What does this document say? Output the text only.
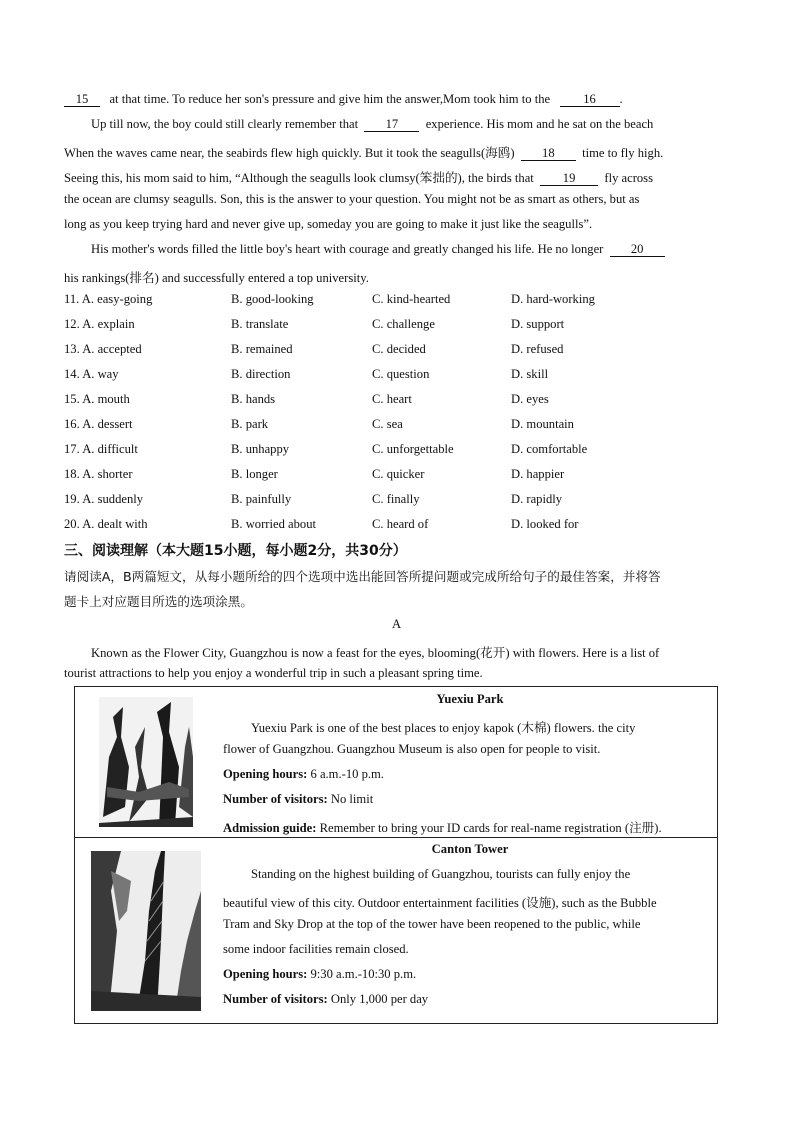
15 at that time. To reduce her son's pressure and give him the answer,Mom took him to the	16 .
Up till now, the boy could still clearly remember that 17 experience. His mom and he sat on the beach
When the waves came near, the seabirds flew high quickly. But it took the seagulls(海鸥) 18 time to fly high.
Seeing this, his mom said to him, “Although the seagulls look clumsy(笨拙的), the birds that 19 fly across
the ocean are clumsy seagulls. Son, this is the answer to your question. You might not be as smart as others, but as
long as you keep trying hard and never give up, someday you are going to make it just like the seagulls”.
His mother's words filled the little boy's heart with courage and greatly changed his life. He no longer 20
his rankings(排名) and successfully entered a top university.
11. A. easy-going	B. good-looking	C. kind-hearted	D. hard-working
12. A. explain	B. translate	C. challenge	D. support
13. A. accepted	B. remained	C. decided	D. refused
14. A. way	B. direction	C. question	D. skill
15. A. mouth	B. hands	C. heart	D. eyes
16. A. dessert	B. park	C. sea	D. mountain
17. A. difficult	B. unhappy	C. unforgettable	D. comfortable
18. A. shorter	B. longer	C. quicker	D. happier
19. A. suddenly	B. painfully	C. finally	D. rapidly
20. A. dealt with	B. worried about	C. heard of	D. looked for
三、阅读理解（本大题15小题，每小题2分，共30分）
请阅读A，B两篇短文，从每小题所给的四个选项中选出能回答所提问题或完成所给句子的最佳答案，并将答
题卡上对应题目所选的选项涂黑。
A
Known as the Flower City, Guangzhou is now a feast for the eyes, blooming(花开) with flowers. Here is a list of
tourist attractions to help you enjoy a wonderful trip in such a pleasant spring time.
Yuexiu Park
Yuexiu Park is one of the best places to enjoy kapok (木棉) flowers. the city
flower of Guangzhou. Guangzhou Museum is also open for people to visit.
Opening hours: 6 a.m.-10 p.m.
Number of visitors: No limit
Admission guide: Remember to bring your ID cards for real-name registration (注册).
Canton Tower
Standing on the highest building of Guangzhou, tourists can fully enjoy the
beautiful view of this city. Outdoor entertainment facilities (设施), such as the Bubble
Tram and Sky Drop at the top of the tower have been reopened to the public, while
some indoor facilities remain closed.
Opening hours: 9:30 a.m.-10:30 p.m.
Number of visitors: Only 1,000 per day
